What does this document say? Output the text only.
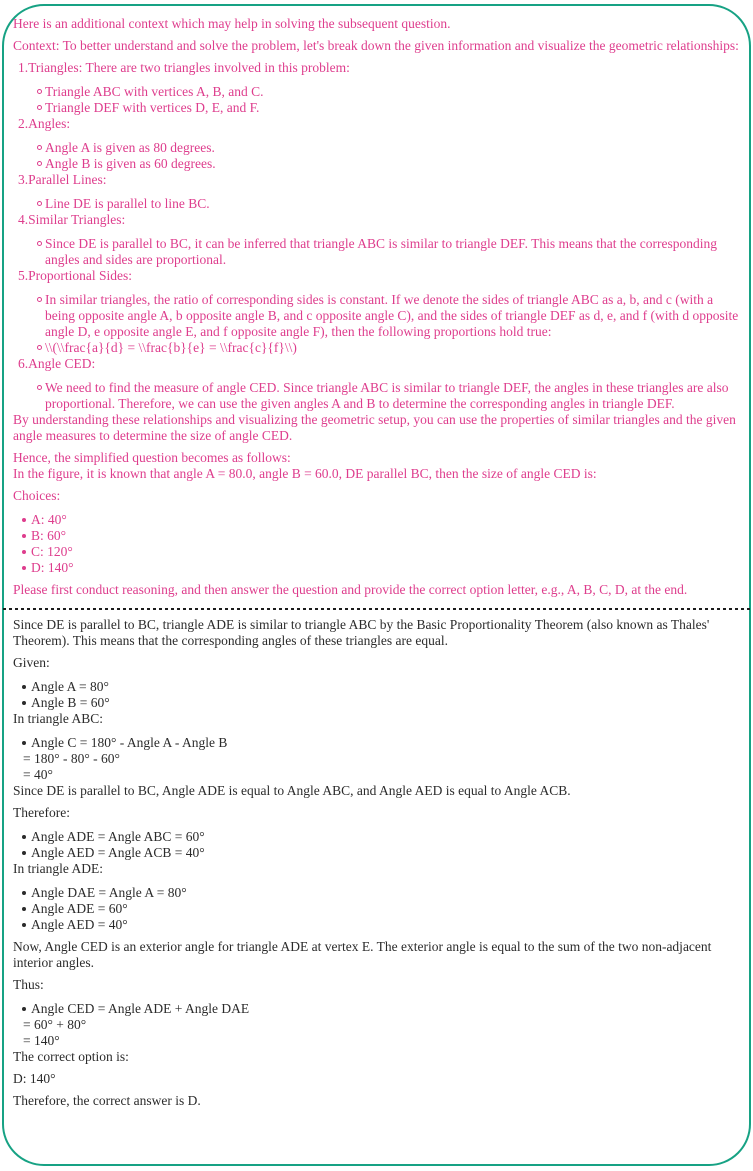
Here is an additional context which may help in solving the subsequent question.

Context: To better understand and solve the problem, let's break down the given information and visualize the geometric relationships:

1. Triangles: There are two triangles involved in this problem:
Triangle ABC with vertices A, B, and C.
Triangle DEF with vertices D, E, and F.
2. Angles:
Angle A is given as 80 degrees.
Angle B is given as 60 degrees.
3. Parallel Lines:
Line DE is parallel to line BC.
4. Similar Triangles:
Since DE is parallel to BC, it can be inferred that triangle ABC is similar to triangle DEF. This means that the corresponding angles and sides are proportional.
5. Proportional Sides:
In similar triangles, the ratio of corresponding sides is constant. If we denote the sides of triangle ABC as a, b, and c (with a being opposite angle A, b opposite angle B, and c opposite angle C), and the sides of triangle DEF as d, e, and f (with d opposite angle D, e opposite angle E, and f opposite angle F), then the following proportions hold true:
\\(\\frac{a}{d} = \\frac{b}{e} = \\frac{c}{f}\\)
6. Angle CED:
We need to find the measure of angle CED. Since triangle ABC is similar to triangle DEF, the angles in these triangles are also proportional. Therefore, we can use the given angles A and B to determine the corresponding angles in triangle DEF.
By understanding these relationships and visualizing the geometric setup, you can use the properties of similar triangles and the given angle measures to determine the size of angle CED.
Hence, the simplified question becomes as follows:
In the figure, it is known that angle A = 80.0, angle B = 60.0, DE parallel BC, then the size of angle CED is:

Choices:

A: 40°
B: 60°
C: 120°
D: 140°

Please first conduct reasoning, and then answer the question and provide the correct option letter, e.g., A, B, C, D, at the end.

Since DE is parallel to BC, triangle ADE is similar to triangle ABC by the Basic Proportionality Theorem (also known as Thales' Theorem). This means that the corresponding angles of these triangles are equal.

Given:

Angle A = 80°
Angle B = 60°
In triangle ABC:
Angle C = 180° - Angle A - Angle B
= 180° - 80° - 60°
= 40°
Since DE is parallel to BC, Angle ADE is equal to Angle ABC, and Angle AED is equal to Angle ACB.

Therefore:

Angle ADE = Angle ABC = 60°
Angle AED = Angle ACB = 40°
In triangle ADE:
Angle DAE = Angle A = 80°
Angle ADE = 60°
Angle AED = 40°

Now, Angle CED is an exterior angle for triangle ADE at vertex E. The exterior angle is equal to the sum of the two non-adjacent interior angles.

Thus:

Angle CED = Angle ADE + Angle DAE
= 60° + 80°
= 140°
The correct option is:

D: 140°

Therefore, the correct answer is D.
